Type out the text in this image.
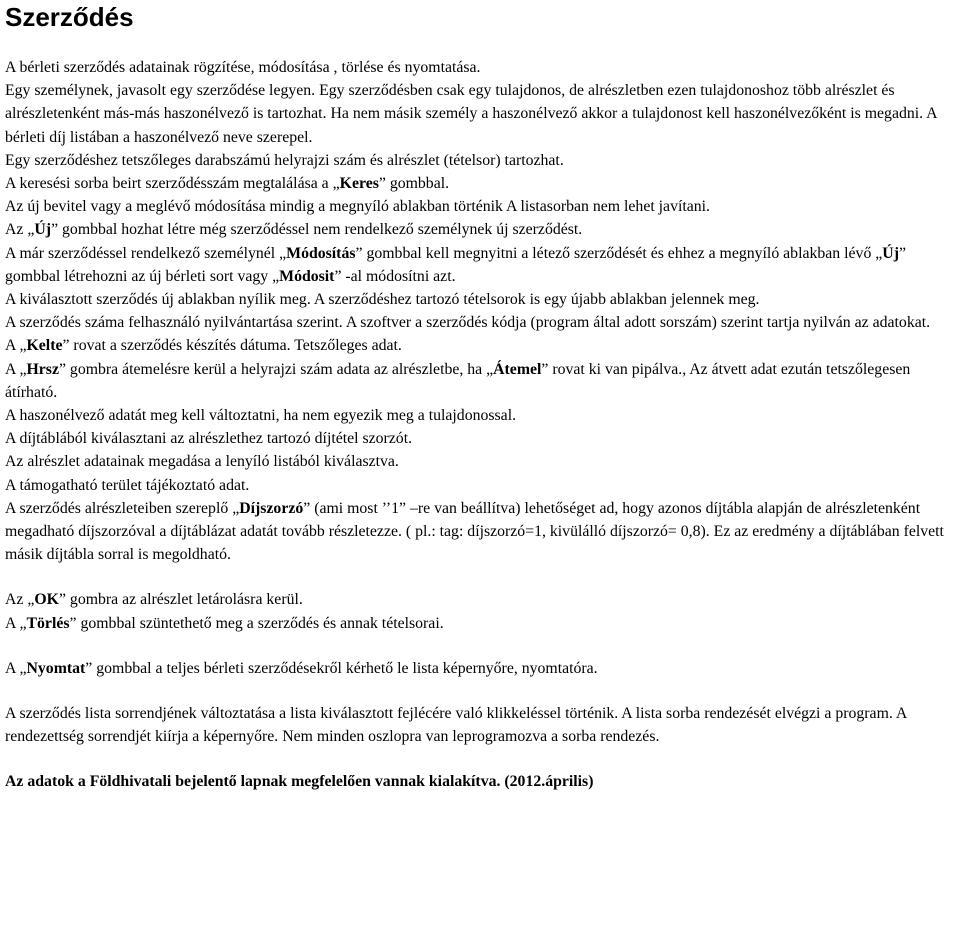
Szerződés

A bérleti szerződés adatainak rögzítése, módosítása , törlése és nyomtatása.

Egy személynek, javasolt egy szerződése legyen. Egy szerződésben csak egy tulajdonos, de alrészletben ezen tulajdonoshoz több alrészlet és alrészletenként más-más haszonélvező is tartozhat. Ha nem másik személy a haszonélvező akkor a tulajdonost kell haszonélvezőként is megadni. A bérleti díj listában a haszonélvező neve szerepel.

Egy szerződéshez tetszőleges darabszámú helyrajzi szám és alrészlet (tételsor) tartozhat.

A keresési sorba beirt szerződésszám megtalálása a „Keres” gombbal.

Az új bevitel vagy a meglévő módosítása mindig a megnyíló ablakban történik A listasorban nem lehet javítani.

Az „Új” gombbal hozhat létre még szerződéssel nem rendelkező személynek új szerződést.

A már szerződéssel rendelkező személynél „Módosítás” gombbal kell megnyitni a létező szerződését és ehhez a megnyíló ablakban lévő „Új” gombbal létrehozni az új bérleti sort vagy „Módosit” -al módosítni azt.

A kiválasztott szerződés új ablakban nyílik meg. A szerződéshez tartozó tételsorok is egy újabb ablakban jelennek meg.

A szerződés száma felhasználó nyilvántartása szerint. A szoftver a szerződés kódja (program által adott sorszám) szerint tartja nyilván az adatokat.

A „Kelte” rovat a szerződés készítés dátuma. Tetszőleges adat.

A „Hrsz” gombra átemelésre kerül a helyrajzi szám adata az alrészletbe, ha „Átemel” rovat ki van pipálva., Az átvett adat ezután tetszőlegesen átírható.

A haszonélvező adatát meg kell változtatni, ha nem egyezik meg a tulajdonossal.

A díjtáblából kiválasztani az alrészlethez tartozó díjtétel szorzót.

Az alrészlet adatainak megadása a lenyíló listából kiválasztva.

A támogatható terület tájékoztató adat.

A szerződés alrészleteiben szereplő „Díjszorzó” (ami most ’’1” –re van beállítva) lehetőséget ad, hogy azonos díjtábla alapján de alrészletenként megadható díjszorzóval a díjtáblázat adatát tovább részletezze. ( pl.: tag: díjszorzó=1, kivülálló díjszorzó= 0,8). Ez az eredmény a díjtáblában felvett másik díjtábla sorral is megoldható.

Az „OK” gombra az alrészlet letárolásra kerül.

A „Törlés” gombbal szüntethető meg a szerződés és annak tételsorai.

A „Nyomtat” gombbal a teljes bérleti szerződésekről kérhető le lista képernyőre, nyomtatóra.

A szerződés lista sorrendjének változtatása a lista kiválasztott fejlécére való klikkeléssel történik. A lista sorba rendezését elvégzi a program. A rendezettség sorrendjét kiírja a képernyőre. Nem minden oszlopra van leprogramozva a sorba rendezés.

Az adatok a Földhivatali bejelentő lapnak megfelelően vannak kialakítva. (2012.április)
